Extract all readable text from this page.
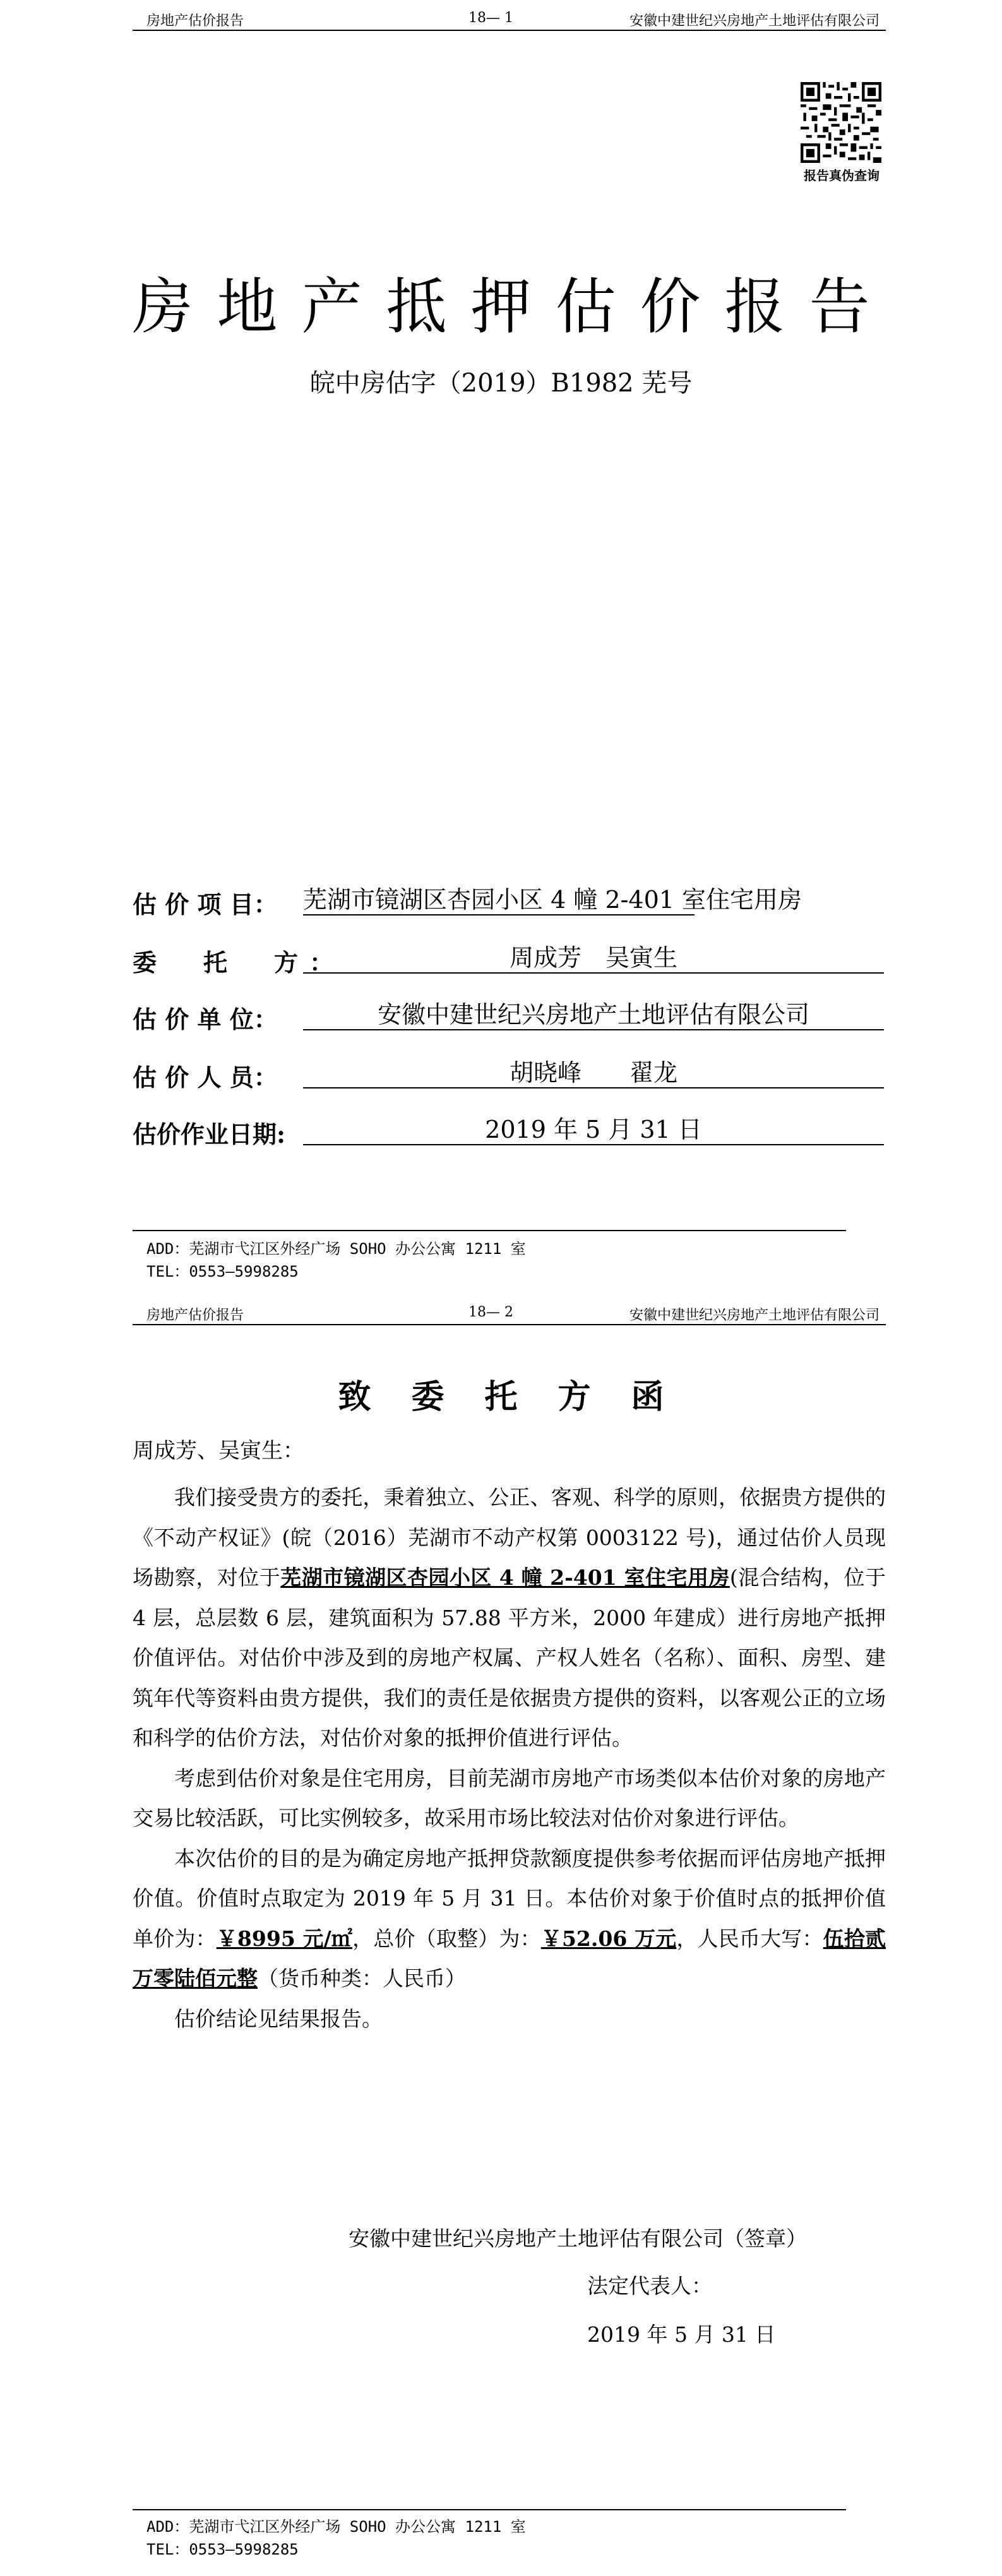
房地产估价报告	18— 1	安徽中建世纪兴房地产土地评估有限公司
报告真伪查询
房地产抵押估价报告
皖中房估字（2019）B1982 芜号
估 价 项 目： 芜湖市镜湖区杏园小区 4 幢 2-401 室住宅用房
委　托　方：	周成芳　吴寅生
估 价 单 位：	安徽中建世纪兴房地产土地评估有限公司
估 价 人 员：	胡晓峰　　翟龙
估价作业日期:	2019 年 5 月 31 日
ADD：芜湖市弋江区外经广场 SOHO 办公公寓 1211 室
TEL：0553—5998285
房地产估价报告	18— 2	安徽中建世纪兴房地产土地评估有限公司
致委托方函
周成芳、吴寅生：

我们接受贵方的委托，秉着独立、公正、客观、科学的原则，依据贵方提供的《不动产权证》(皖（2016）芜湖市不动产权第 0003122 号)，通过估价人员现场勘察，对位于芜湖市镜湖区杏园小区 4 幢 2-401 室住宅用房(混合结构，位于 4 层，总层数 6 层，建筑面积为 57.88 平方米，2000 年建成）进行房地产抵押价值评估。对估价中涉及到的房地产权属、产权人姓名（名称）、面积、房型、建筑年代等资料由贵方提供，我们的责任是依据贵方提供的资料，以客观公正的立场和科学的估价方法，对估价对象的抵押价值进行评估。

考虑到估价对象是住宅用房，目前芜湖市房地产市场类似本估价对象的房地产交易比较活跃，可比实例较多，故采用市场比较法对估价对象进行评估。

本次估价的目的是为确定房地产抵押贷款额度提供参考依据而评估房地产抵押价值。价值时点取定为 2019 年 5 月 31 日。本估价对象于价值时点的抵押价值单价为：￥8995 元/㎡，总价（取整）为：￥52.06 万元，人民币大写：伍拾贰万零陆佰元整（货币种类：人民币）

估价结论见结果报告。

安徽中建世纪兴房地产土地评估有限公司（签章）
法定代表人：
2019 年 5 月 31 日
ADD：芜湖市弋江区外经广场 SOHO 办公公寓 1211 室
TEL：0553—5998285
